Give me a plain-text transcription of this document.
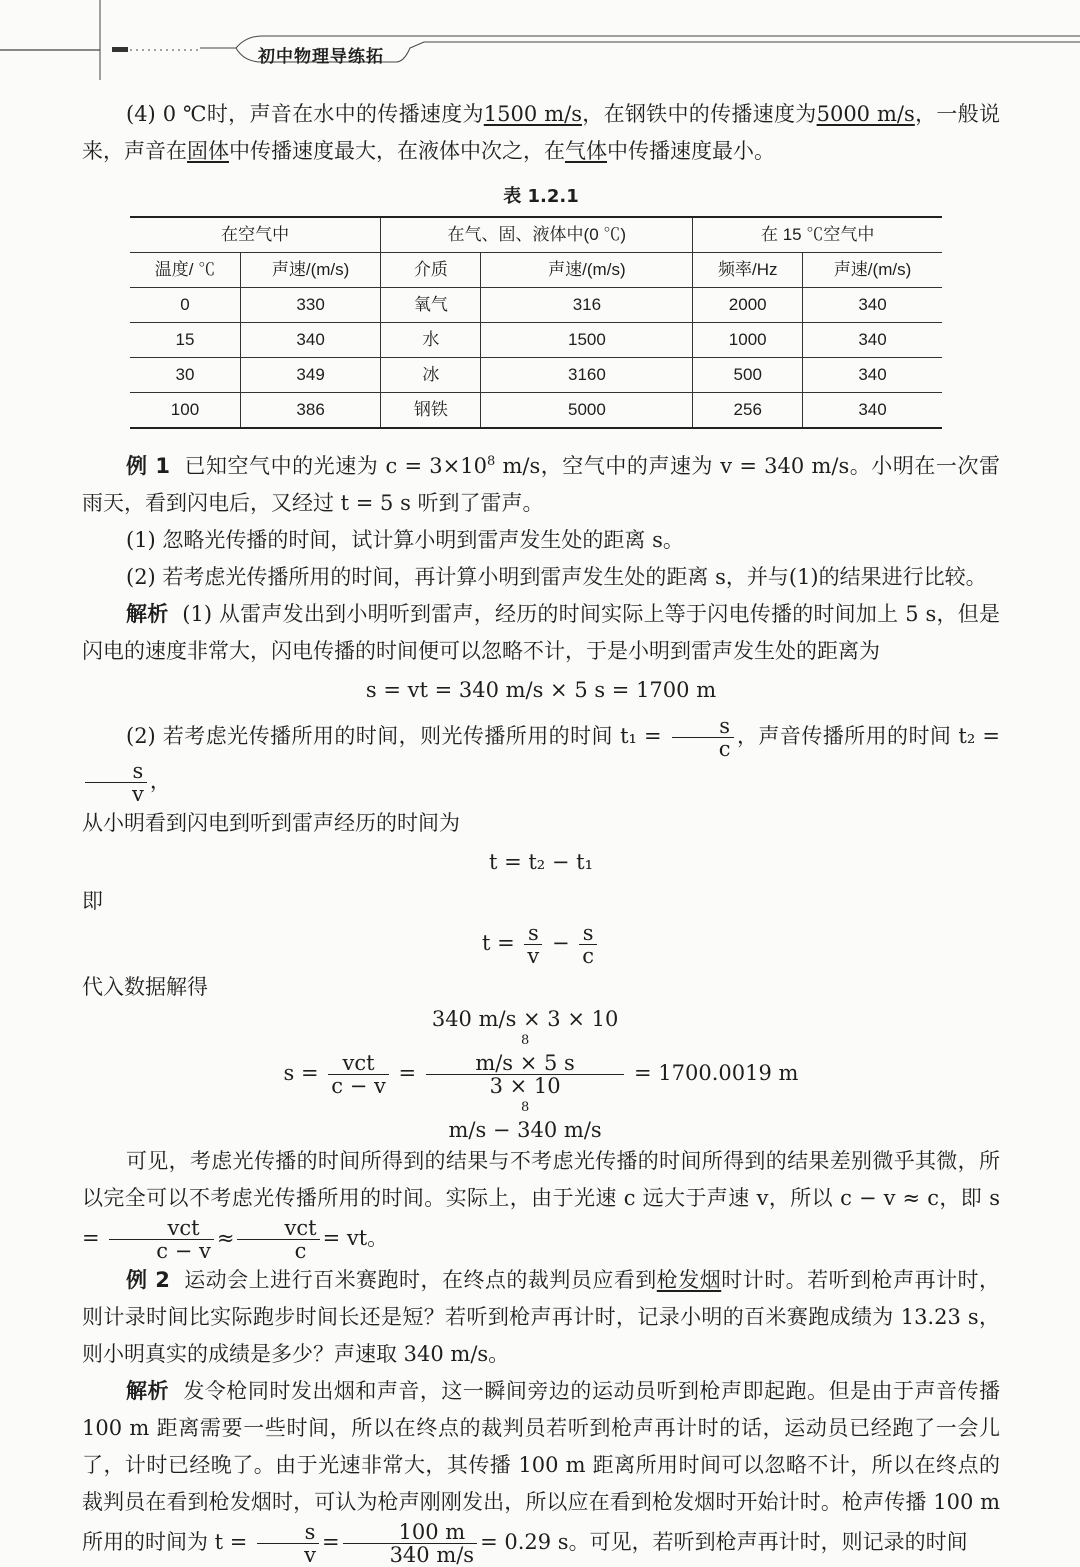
初中物理导练拓

(4) 0 ℃时，声音在水中的传播速度为1500 m/s，在钢铁中的传播速度为5000 m/s，一般说来，声音在固体中传播速度最大，在液体中次之，在气体中传播速度最小。

表 1.2.1
在空气中		在气、固、液体中(0 ℃)		在 15 ℃空气中	
温度/ ℃	声速/(m/s)	介质	声速/(m/s)	频率/Hz	声速/(m/s)
0	330	氧气	316	2000	340
15	340	水	1500	1000	340
30	349	冰	3160	500	340
100	386	钢铁	5000	256	340

例 1 已知空气中的光速为 $c = 3\times 10^8$ m/s，空气中的声速为 v = 340 m/s。小明在一次雷雨天，看到闪电后，又经过 t = 5 s 听到了雷声。

(1) 忽略光传播的时间，试计算小明到雷声发生处的距离 s。

(2) 若考虑光传播所用的时间，再计算小明到雷声发生处的距离 s，并与(1)的结果进行比较。

解析 (1) 从雷声发出到小明听到雷声，经历的时间实际上等于闪电传播的时间加上 5 s，但是闪电的速度非常大，闪电传播的时间便可以忽略不计，于是小明到雷声发生处的距离为

s = vt = 340 m/s × 5 s = 1700 m

(2) 若考虑光传播所用的时间，则光传播所用的时间 $t_1 = \frac{s}{c}$ ，声音传播所用的时间 t₂ =
$\frac{s}{v}$ ，

从小明看到闪电到听到雷声经历的时间为

t = t₂ − t₁

即

$t = \frac{s}{v} - \frac{s}{c}$

代入数据解得

$s = \frac{\text{vct}}{c - v} = 340$ m/s × 3 × 10
8
m/s × 5 s
3 × 10
8
m/s − 340 m/s = 1700.0019 m

可见，考虑光传播的时间所得到的结果与不考虑光传播的时间所得到的结果差别微乎其微，所以完全可以不考虑光传播所用的时间。实际上，由于光速 c 远大于声速 v，所以 c − v ≈ c，即 $s = \frac{\text{vct}}{c - v} \approx \frac{\text{vct}}{c}$ = vt。

例 2 运动会上进行百米赛跑时，在终点的裁判员应看到枪发烟时计时。若听到枪声再计时，则计录时间比实际跑步时间长还是短？若听到枪声再计时，记录小明的百米赛跑成绩为 13.23 s，则小明真实的成绩是多少？声速取 340 m/s。

解析 发令枪同时发出烟和声音，这一瞬间旁边的运动员听到枪声即起跑。但是由于声音传播 100 m 距离需要一些时间，所以在终点的裁判员若听到枪声再计时的话，运动员已经跑了一会儿了，计时已经晚了。由于光速非常大，其传播 100 m 距离所用时间可以忽略不计，所以在终点的裁判员在看到枪发烟时，可认为枪声刚刚发出，所以应在看到枪发烟时开始计时。枪声传播 100 m 所用的时间为 $t = \frac{s}{v} = \frac{100 m}{340 m/s} = 0.29$ s。可见，若听到枪声再计时，则记录的时间
